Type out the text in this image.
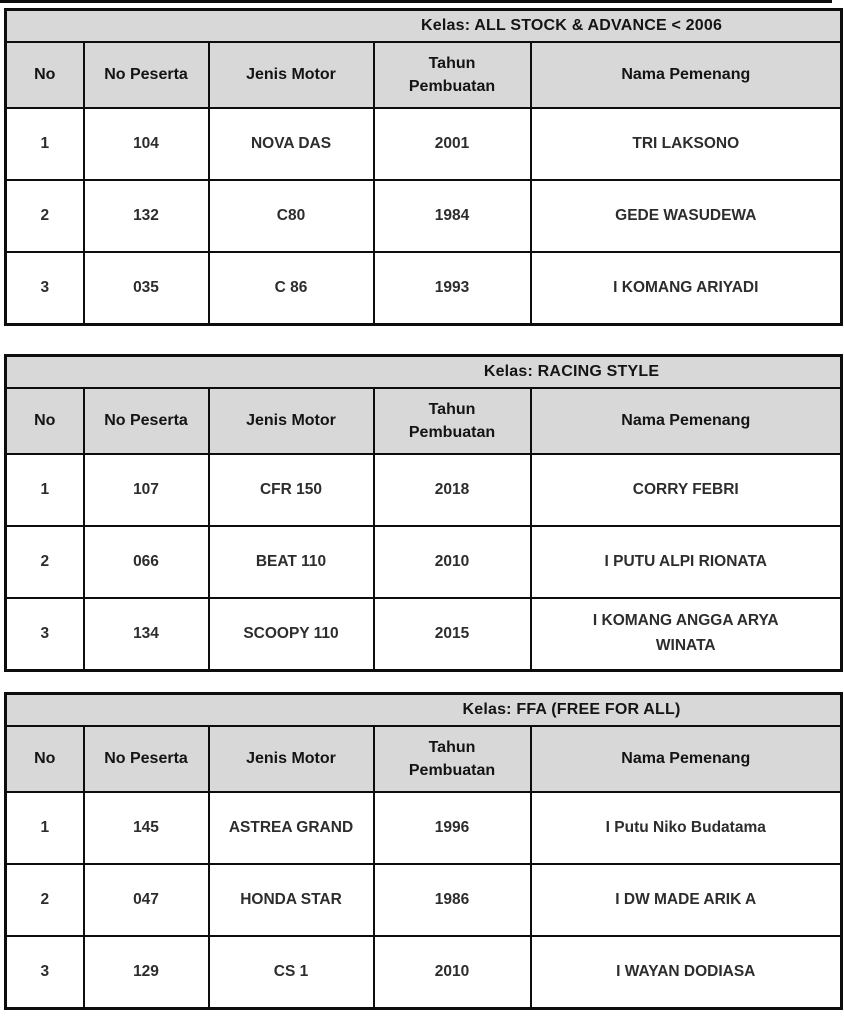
Kelas: ALL STOCK & ADVANCE < 2006				
No	No Peserta	Jenis Motor	Tahun Pembuatan	Nama Pemenang
1	104	NOVA DAS	2001	TRI LAKSONO
2	132	C80	1984	GEDE WASUDEWA
3	035	C 86	1993	I KOMANG ARIYADI
Kelas: RACING STYLE				
No	No Peserta	Jenis Motor	Tahun Pembuatan	Nama Pemenang
1	107	CFR 150	2018	CORRY FEBRI
2	066	BEAT 110	2010	I PUTU ALPI RIONATA
3	134	SCOOPY 110	2015	I KOMANG ANGGA ARYA WINATA
Kelas: FFA (FREE FOR ALL)				
No	No Peserta	Jenis Motor	Tahun Pembuatan	Nama Pemenang
1	145	ASTREA GRAND	1996	I Putu Niko Budatama
2	047	HONDA STAR	1986	I DW MADE ARIK A
3	129	CS 1	2010	I WAYAN DODIASA
